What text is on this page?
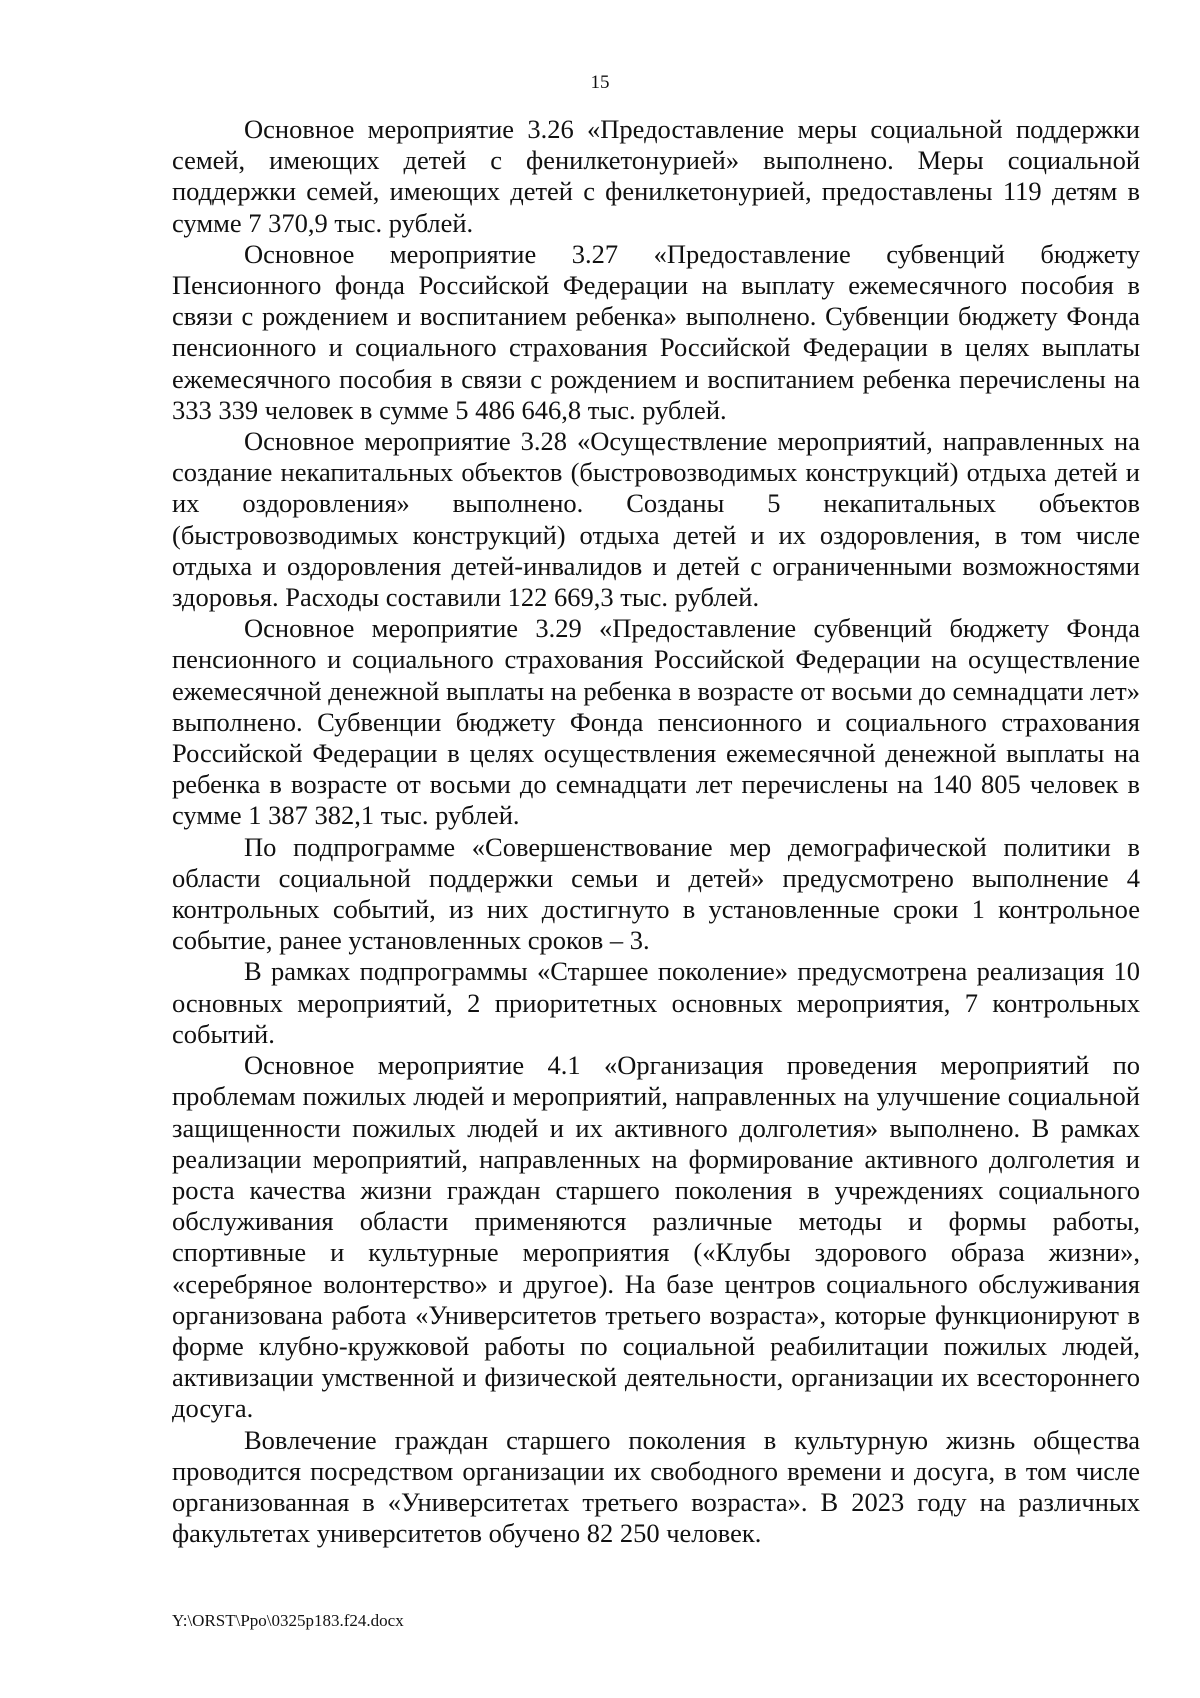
15

Основное мероприятие 3.26 «Предоставление меры социальной поддержки семей, имеющих детей с фенилкетонурией» выполнено. Меры социальной поддержки семей, имеющих детей с фенилкетонурией, предоставлены 119 детям в сумме 7 370,9 тыс. рублей.

Основное мероприятие 3.27 «Предоставление субвенций бюджету Пенсионного фонда Российской Федерации на выплату ежемесячного пособия в связи с рождением и воспитанием ребенка» выполнено. Субвенции бюджету Фонда пенсионного и социального страхования Российской Федерации в целях выплаты ежемесячного пособия в связи с рождением и воспитанием ребенка перечислены на 333 339 человек в сумме 5 486 646,8 тыс. рублей.

Основное мероприятие 3.28 «Осуществление мероприятий, направленных на создание некапитальных объектов (быстровозводимых конструкций) отдыха детей и их оздоровления» выполнено. Созданы 5 некапитальных объектов (быстровозводимых конструкций) отдыха детей и их оздоровления, в том числе отдыха и оздоровления детей-инвалидов и детей с ограниченными возможностями здоровья. Расходы составили 122 669,3 тыс. рублей.

Основное мероприятие 3.29 «Предоставление субвенций бюджету Фонда пенсионного и социального страхования Российской Федерации на осуществление ежемесячной денежной выплаты на ребенка в возрасте от восьми до семнадцати лет» выполнено. Субвенции бюджету Фонда пенсионного и социального страхования Российской Федерации в целях осуществления ежемесячной денежной выплаты на ребенка в возрасте от восьми до семнадцати лет перечислены на 140 805 человек в сумме 1 387 382,1 тыс. рублей.

По подпрограмме «Совершенствование мер демографической политики в области социальной поддержки семьи и детей» предусмотрено выполнение 4 контрольных событий, из них достигнуто в установленные сроки 1 контрольное событие, ранее установленных сроков – 3.

В рамках подпрограммы «Старшее поколение» предусмотрена реализация 10 основных мероприятий, 2 приоритетных основных мероприятия, 7 контрольных событий.

Основное мероприятие 4.1 «Организация проведения мероприятий по проблемам пожилых людей и мероприятий, направленных на улучшение социальной защищенности пожилых людей и их активного долголетия» выполнено. В рамках реализации мероприятий, направленных на формирование активного долголетия и роста качества жизни граждан старшего поколения в учреждениях социального обслуживания области применяются различные методы и формы работы, спортивные и культурные мероприятия («Клубы здорового образа жизни», «серебряное волонтерство» и другое). На базе центров социального обслуживания организована работа «Университетов третьего возраста», которые функционируют в форме клубно-кружковой работы по социальной реабилитации пожилых людей, активизации умственной и физической деятельности, организации их всестороннего досуга.

Вовлечение граждан старшего поколения в культурную жизнь общества проводится посредством организации их свободного времени и досуга, в том числе организованная в «Университетах третьего возраста». В 2023 году на различных факультетах университетов обучено 82 250 человек.

Y:\ORST\Ppo\0325p183.f24.docx
